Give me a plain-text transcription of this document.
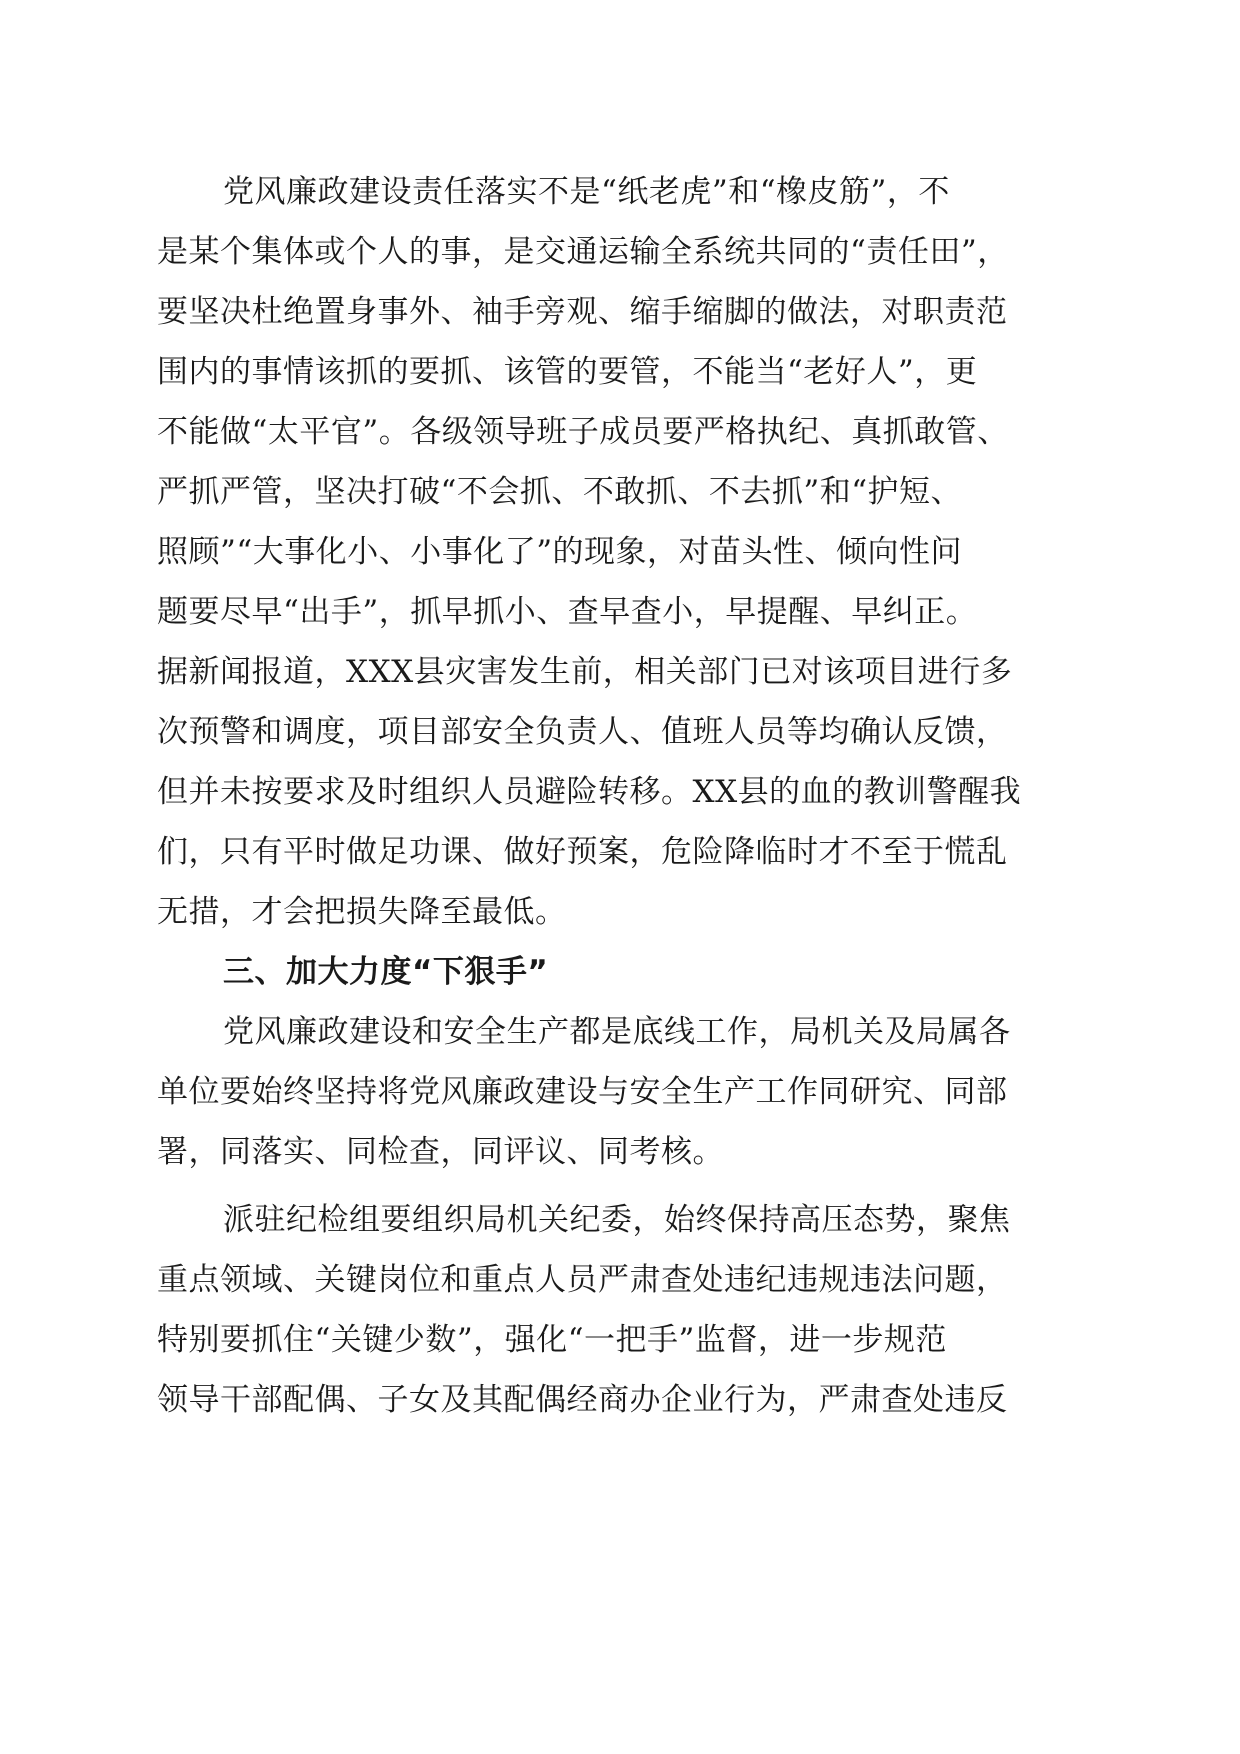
党风廉政建设责任落实不是“纸老虎”和“橡皮筋”，不
是某个集体或个人的事，是交通运输全系统共同的“责任田”，
要坚决杜绝置身事外、袖手旁观、缩手缩脚的做法，对职责范
围内的事情该抓的要抓、该管的要管，不能当“老好人”，更
不能做“太平官”。各级领导班子成员要严格执纪、真抓敢管、
严抓严管，坚决打破“不会抓、不敢抓、不去抓”和“护短、
照顾”“大事化小、小事化了”的现象，对苗头性、倾向性问
题要尽早“出手”，抓早抓小、查早查小，早提醒、早纠正。
据新闻报道，XXX县灾害发生前，相关部门已对该项目进行多
次预警和调度，项目部安全负责人、值班人员等均确认反馈，
但并未按要求及时组织人员避险转移。XX县的血的教训警醒我
们，只有平时做足功课、做好预案，危险降临时才不至于慌乱
无措，才会把损失降至最低。
三、加大力度“下狠手”
党风廉政建设和安全生产都是底线工作，局机关及局属各
单位要始终坚持将党风廉政建设与安全生产工作同研究、同部
署，同落实、同检查，同评议、同考核。
派驻纪检组要组织局机关纪委，始终保持高压态势，聚焦
重点领域、关键岗位和重点人员严肃查处违纪违规违法问题，
特别要抓住“关键少数”，强化“一把手”监督，进一步规范
领导干部配偶、子女及其配偶经商办企业行为，严肃查处违反
